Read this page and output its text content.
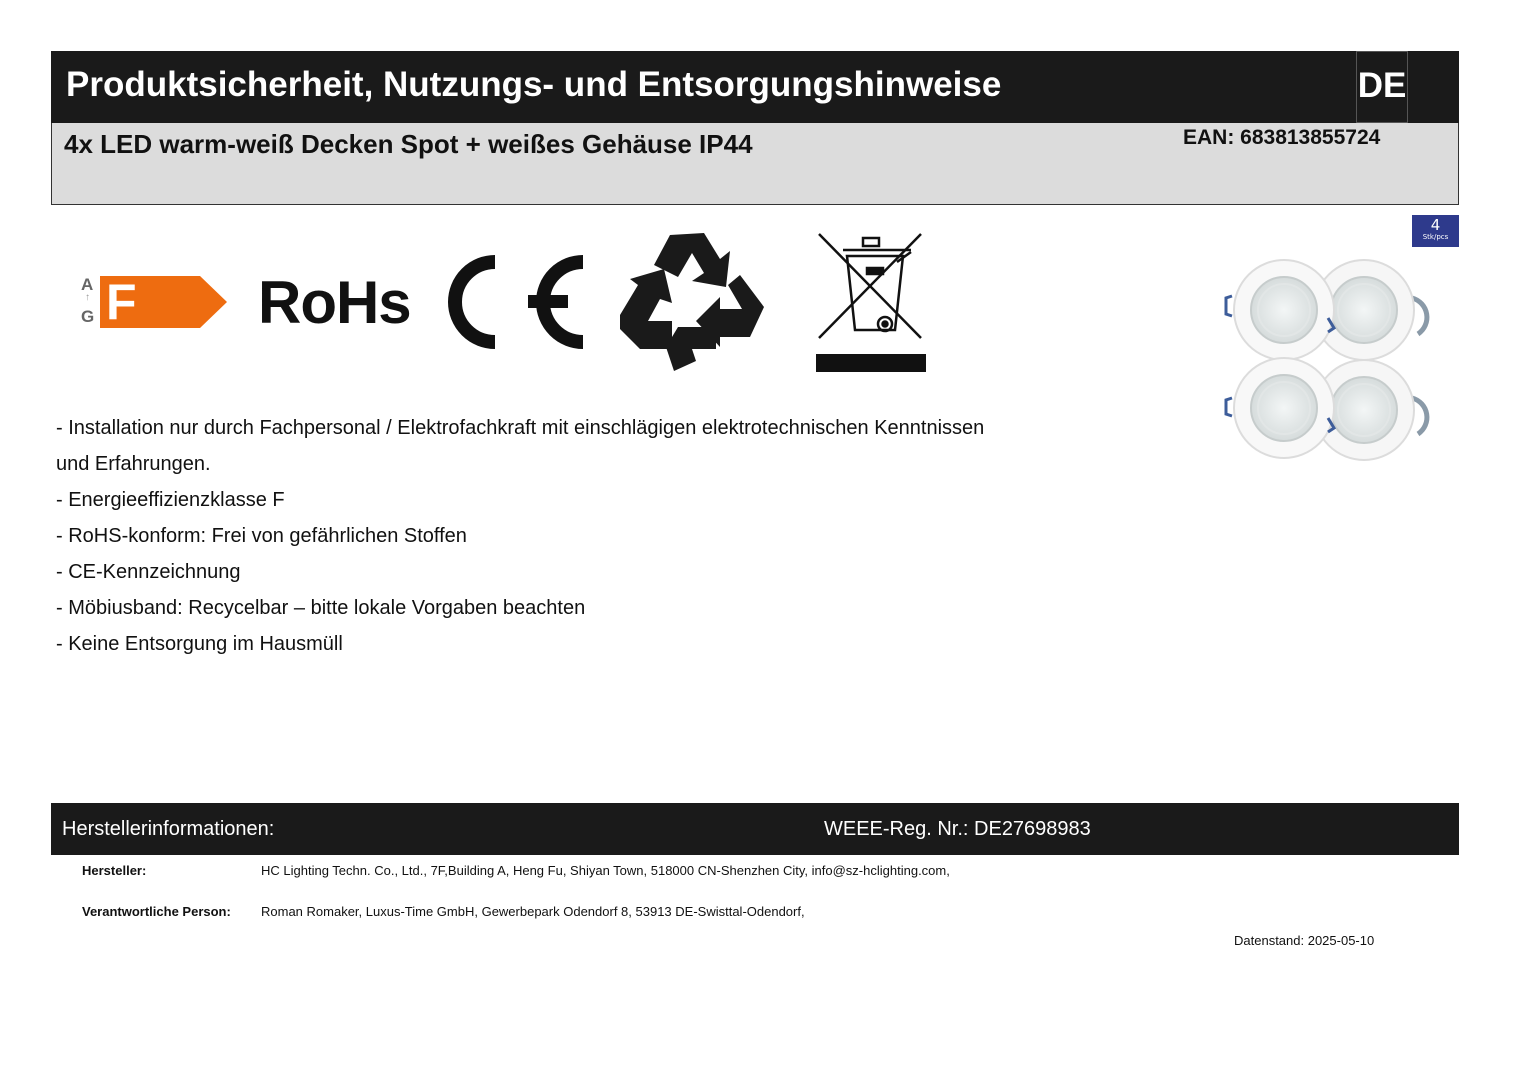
Produktsicherheit, Nutzungs- und Entsorgungshinweise	DE
4x LED warm-weiß Decken Spot + weißes Gehäuse IP44	EAN: 683813855724
A
↑
G F RoHs
4
Stk/pcs
- Installation nur durch Fachpersonal / Elektrofachkraft mit einschlägigen elektrotechnischen Kenntnissen
und Erfahrungen.
- Energieeffizienzklasse F
- RoHS-konform: Frei von gefährlichen Stoffen
- CE-Kennzeichnung
- Möbiusband: Recycelbar – bitte lokale Vorgaben beachten
- Keine Entsorgung im Hausmüll
Herstellerinformationen:	WEEE-Reg. Nr.: DE27698983
Hersteller:	HC Lighting Techn. Co., Ltd., 7F,Building A, Heng Fu, Shiyan Town, 518000 CN-Shenzhen City, info@sz-hclighting.com,
Verantwortliche Person: Roman Romaker, Luxus-Time GmbH, Gewerbepark Odendorf 8, 53913 DE-Swisttal-Odendorf,
Datenstand: 2025-05-10
